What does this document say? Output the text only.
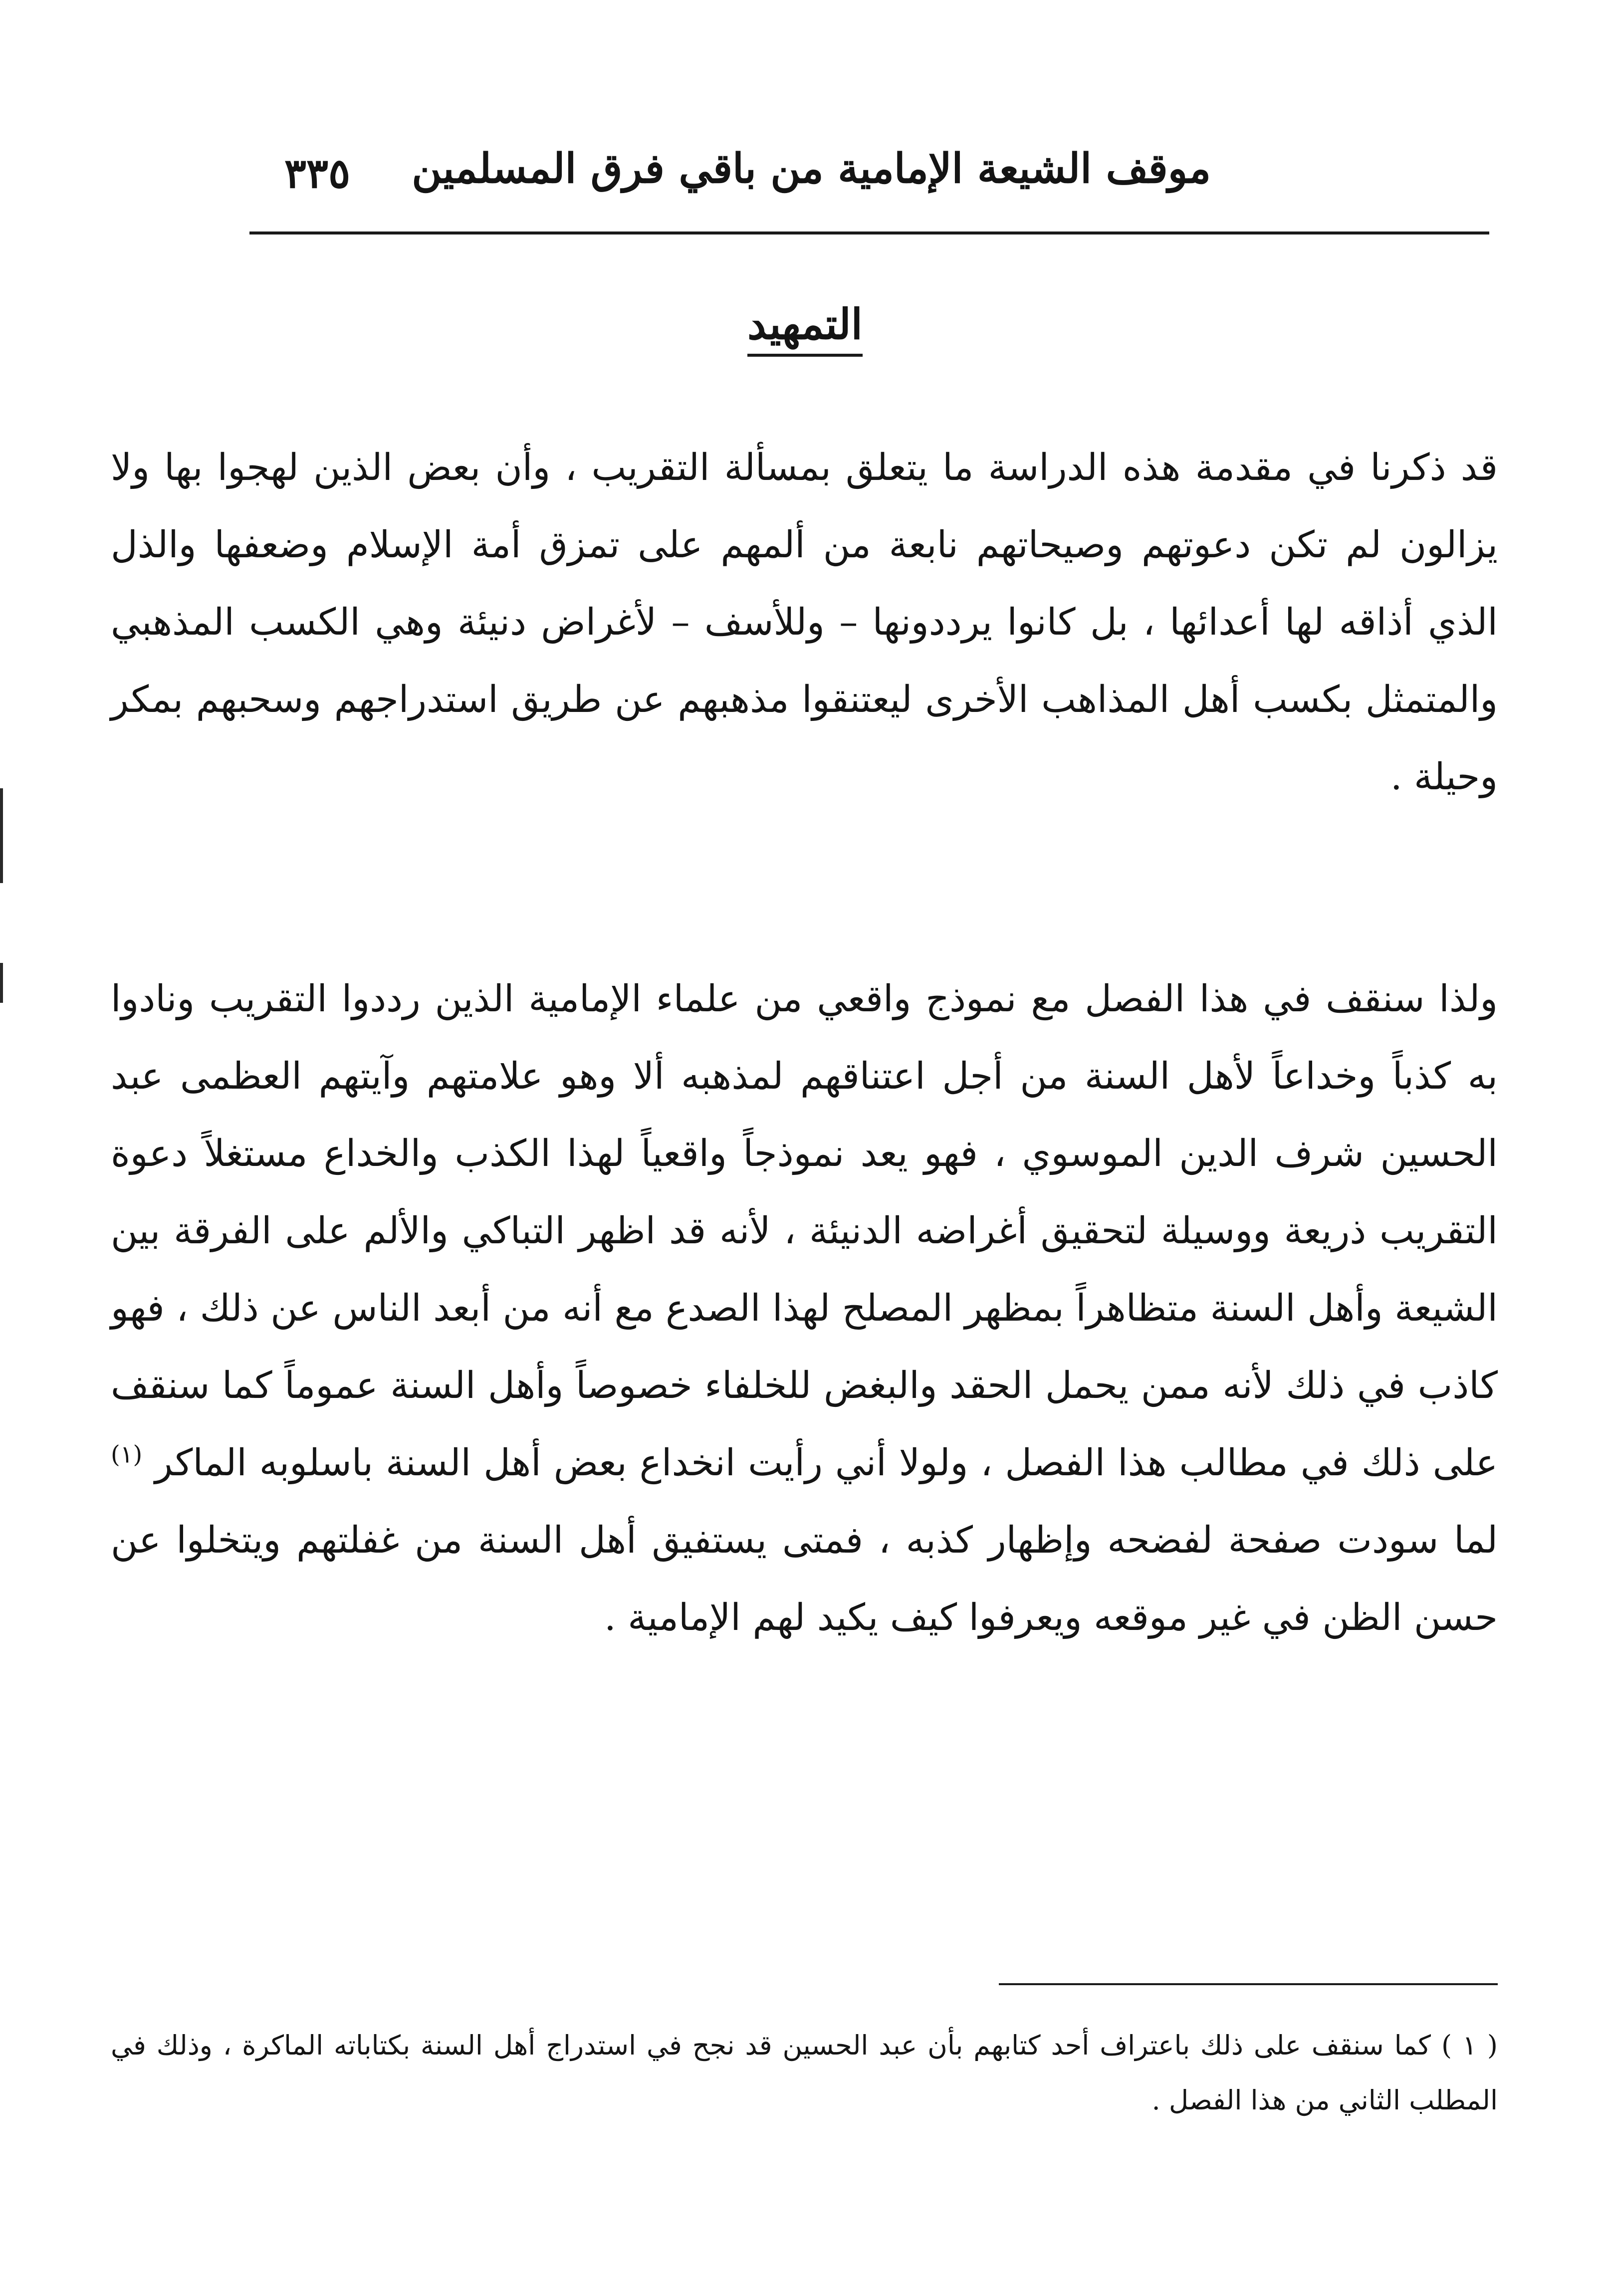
موقف الشيعة الإمامية من باقي فرق المسلمين
٣٣٥
التمهيد

قد ذكرنا في مقدمة هذه الدراسة ما يتعلق بمسألة التقريب ، وأن بعض الذين لهجوا بها ولا يزالون لم تكن دعوتهم وصيحاتهم نابعة من ألمهم على تمزق أمة الإسلام وضعفها والذل الذي أذاقه لها أعدائها ، بل كانوا يرددونها – وللأسف – لأغراض دنيئة وهي الكسب المذهبي والمتمثل بكسب أهل المذاهب الأخرى ليعتنقوا مذهبهم عن طريق استدراجهم وسحبهم بمكر وحيلة .

ولذا سنقف في هذا الفصل مع نموذج واقعي من علماء الإمامية الذين رددوا التقريب ونادوا به كذباً وخداعاً لأهل السنة من أجل اعتناقهم لمذهبه ألا وهو علامتهم وآيتهم العظمى عبد الحسين شرف الدين الموسوي ، فهو يعد نموذجاً واقعياً لهذا الكذب والخداع مستغلاً دعوة التقريب ذريعة ووسيلة لتحقيق أغراضه الدنيئة ، لأنه قد اظهر التباكي والألم على الفرقة بين الشيعة وأهل السنة متظاهراً بمظهر المصلح لهذا الصدع مع أنه من أبعد الناس عن ذلك ، فهو كاذب في ذلك لأنه ممن يحمل الحقد والبغض للخلفاء خصوصاً وأهل السنة عموماً كما سنقف على ذلك في مطالب هذا الفصل ، ولولا أني رأيت انخداع بعض أهل السنة باسلوبه الماكر $^{(١)}$ لما سودت صفحة لفضحه وإظهار كذبه ، فمتى يستفيق أهل السنة من غفلتهم ويتخلوا عن حسن الظن في غير موقعه ويعرفوا كيف يكيد لهم الإمامية .

( ١ ) كما سنقف على ذلك باعتراف أحد كتابهم بأن عبد الحسين قد نجح في استدراج أهل السنة بكتاباته الماكرة ، وذلك في المطلب الثاني من هذا الفصل .
